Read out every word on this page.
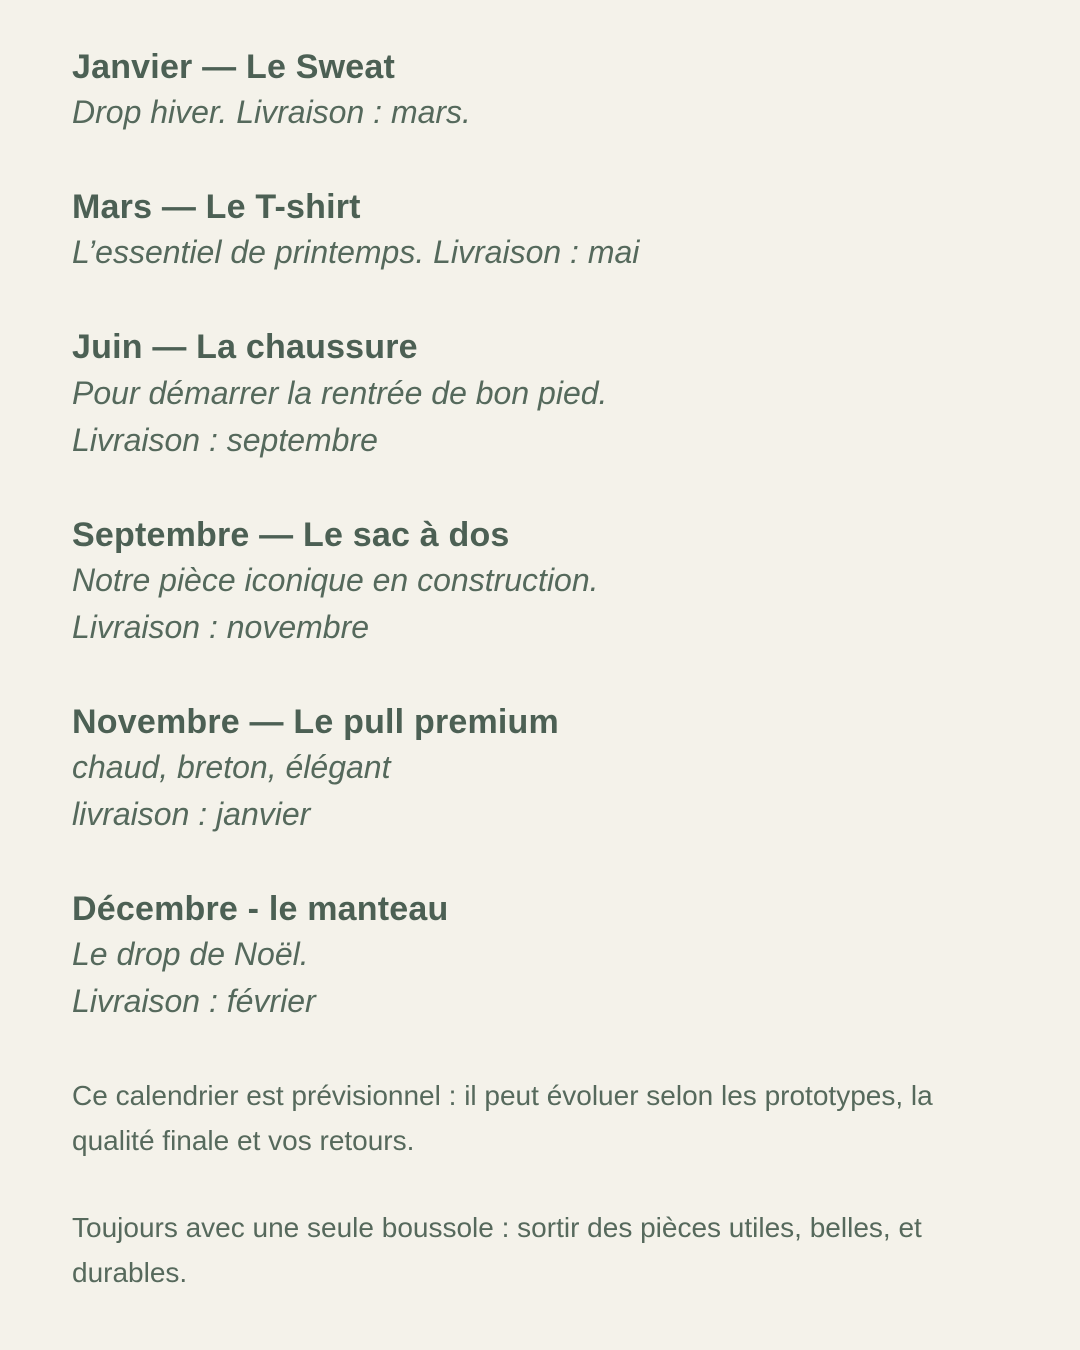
Janvier — Le Sweat

Drop hiver. Livraison : mars.

Mars — Le T-shirt

L’essentiel de printemps. Livraison : mai

Juin — La chaussure

Pour démarrer la rentrée de bon pied.

Livraison : septembre

Septembre — Le sac à dos

Notre pièce iconique en construction.

Livraison : novembre

Novembre — Le pull premium

chaud, breton, élégant

livraison : janvier

Décembre - le manteau

Le drop de Noël.

Livraison : février

Ce calendrier est prévisionnel : il peut évoluer selon les prototypes, la qualité finale et vos retours.

Toujours avec une seule boussole : sortir des pièces utiles, belles, et durables.
